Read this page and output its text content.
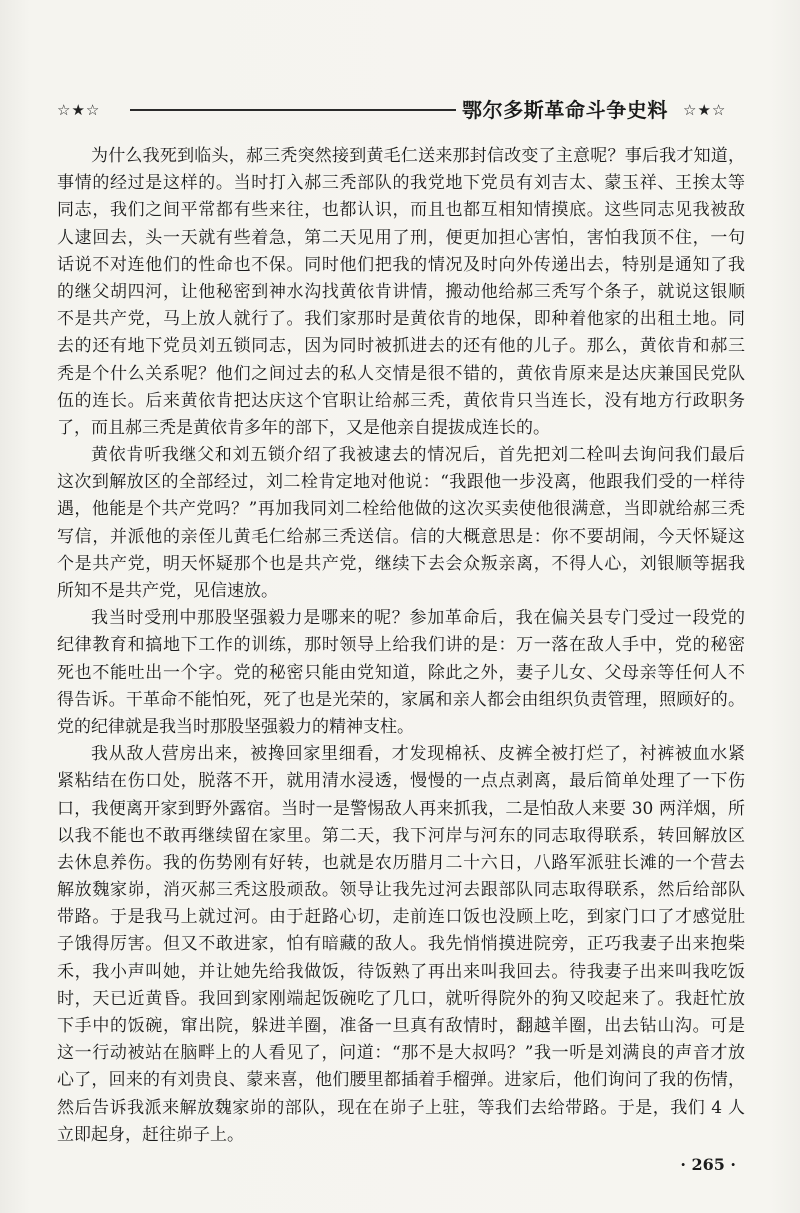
☆★☆	鄂尔多斯革命斗争史料 ☆★☆
为什么我死到临头，郝三秃突然接到黄毛仁送来那封信改变了主意呢？事后我才知道，
事情的经过是这样的。当时打入郝三秃部队的我党地下党员有刘吉太、蒙玉祥、王挨太等
同志，我们之间平常都有些来往，也都认识，而且也都互相知情摸底。这些同志见我被敌
人逮回去，头一天就有些着急，第二天见用了刑，便更加担心害怕，害怕我顶不住，一句
话说不对连他们的性命也不保。同时他们把我的情况及时向外传递出去，特别是通知了我
的继父胡四河，让他秘密到神水沟找黄依肯讲情，搬动他给郝三秃写个条子，就说这银顺
不是共产党，马上放人就行了。我们家那时是黄依肯的地保，即种着他家的出租土地。同
去的还有地下党员刘五锁同志，因为同时被抓进去的还有他的儿子。那么，黄依肯和郝三
秃是个什么关系呢？他们之间过去的私人交情是很不错的，黄依肯原来是达庆兼国民党队
伍的连长。后来黄依肯把达庆这个官职让给郝三秃，黄依肯只当连长，没有地方行政职务
了，而且郝三秃是黄依肯多年的部下，又是他亲自提拔成连长的。
黄依肯听我继父和刘五锁介绍了我被逮去的情况后，首先把刘二栓叫去询问我们最后
这次到解放区的全部经过，刘二栓肯定地对他说：“我跟他一步没离，他跟我们受的一样待
遇，他能是个共产党吗？”再加我同刘二栓给他做的这次买卖使他很满意，当即就给郝三秃
写信，并派他的亲侄儿黄毛仁给郝三秃送信。信的大概意思是：你不要胡闹，今天怀疑这
个是共产党，明天怀疑那个也是共产党，继续下去会众叛亲离，不得人心，刘银顺等据我
所知不是共产党，见信速放。
我当时受刑中那股坚强毅力是哪来的呢？参加革命后，我在偏关县专门受过一段党的
纪律教育和搞地下工作的训练，那时领导上给我们讲的是：万一落在敌人手中，党的秘密
死也不能吐出一个字。党的秘密只能由党知道，除此之外，妻子儿女、父母亲等任何人不
得告诉。干革命不能怕死，死了也是光荣的，家属和亲人都会由组织负责管理，照顾好的。
党的纪律就是我当时那股坚强毅力的精神支柱。
我从敌人营房出来，被搀回家里细看，才发现棉袄、皮裤全被打烂了，衬裤被血水紧
紧粘结在伤口处，脱落不开，就用清水浸透，慢慢的一点点剥离，最后简单处理了一下伤
口，我便离开家到野外露宿。当时一是警惕敌人再来抓我，二是怕敌人来要 30 两洋烟，所
以我不能也不敢再继续留在家里。第二天，我下河岸与河东的同志取得联系，转回解放区
去休息养伤。我的伤势刚有好转，也就是农历腊月二十六日，八路军派驻长滩的一个营去
解放魏家峁，消灭郝三秃这股顽敌。领导让我先过河去跟部队同志取得联系，然后给部队
带路。于是我马上就过河。由于赶路心切，走前连口饭也没顾上吃，到家门口了才感觉肚
子饿得厉害。但又不敢进家，怕有暗藏的敌人。我先悄悄摸进院旁，正巧我妻子出来抱柴
禾，我小声叫她，并让她先给我做饭，待饭熟了再出来叫我回去。待我妻子出来叫我吃饭
时，天已近黄昏。我回到家刚端起饭碗吃了几口，就听得院外的狗又咬起来了。我赶忙放
下手中的饭碗，窜出院，躲进羊圈，准备一旦真有敌情时，翻越羊圈，出去钻山沟。可是
这一行动被站在脑畔上的人看见了，问道：“那不是大叔吗？”我一听是刘满良的声音才放
心了，回来的有刘贵良、蒙来喜，他们腰里都插着手榴弹。进家后，他们询问了我的伤情，
然后告诉我派来解放魏家峁的部队，现在在峁子上驻，等我们去给带路。于是，我们 4 人
立即起身，赶往峁子上。
· 265 ·
